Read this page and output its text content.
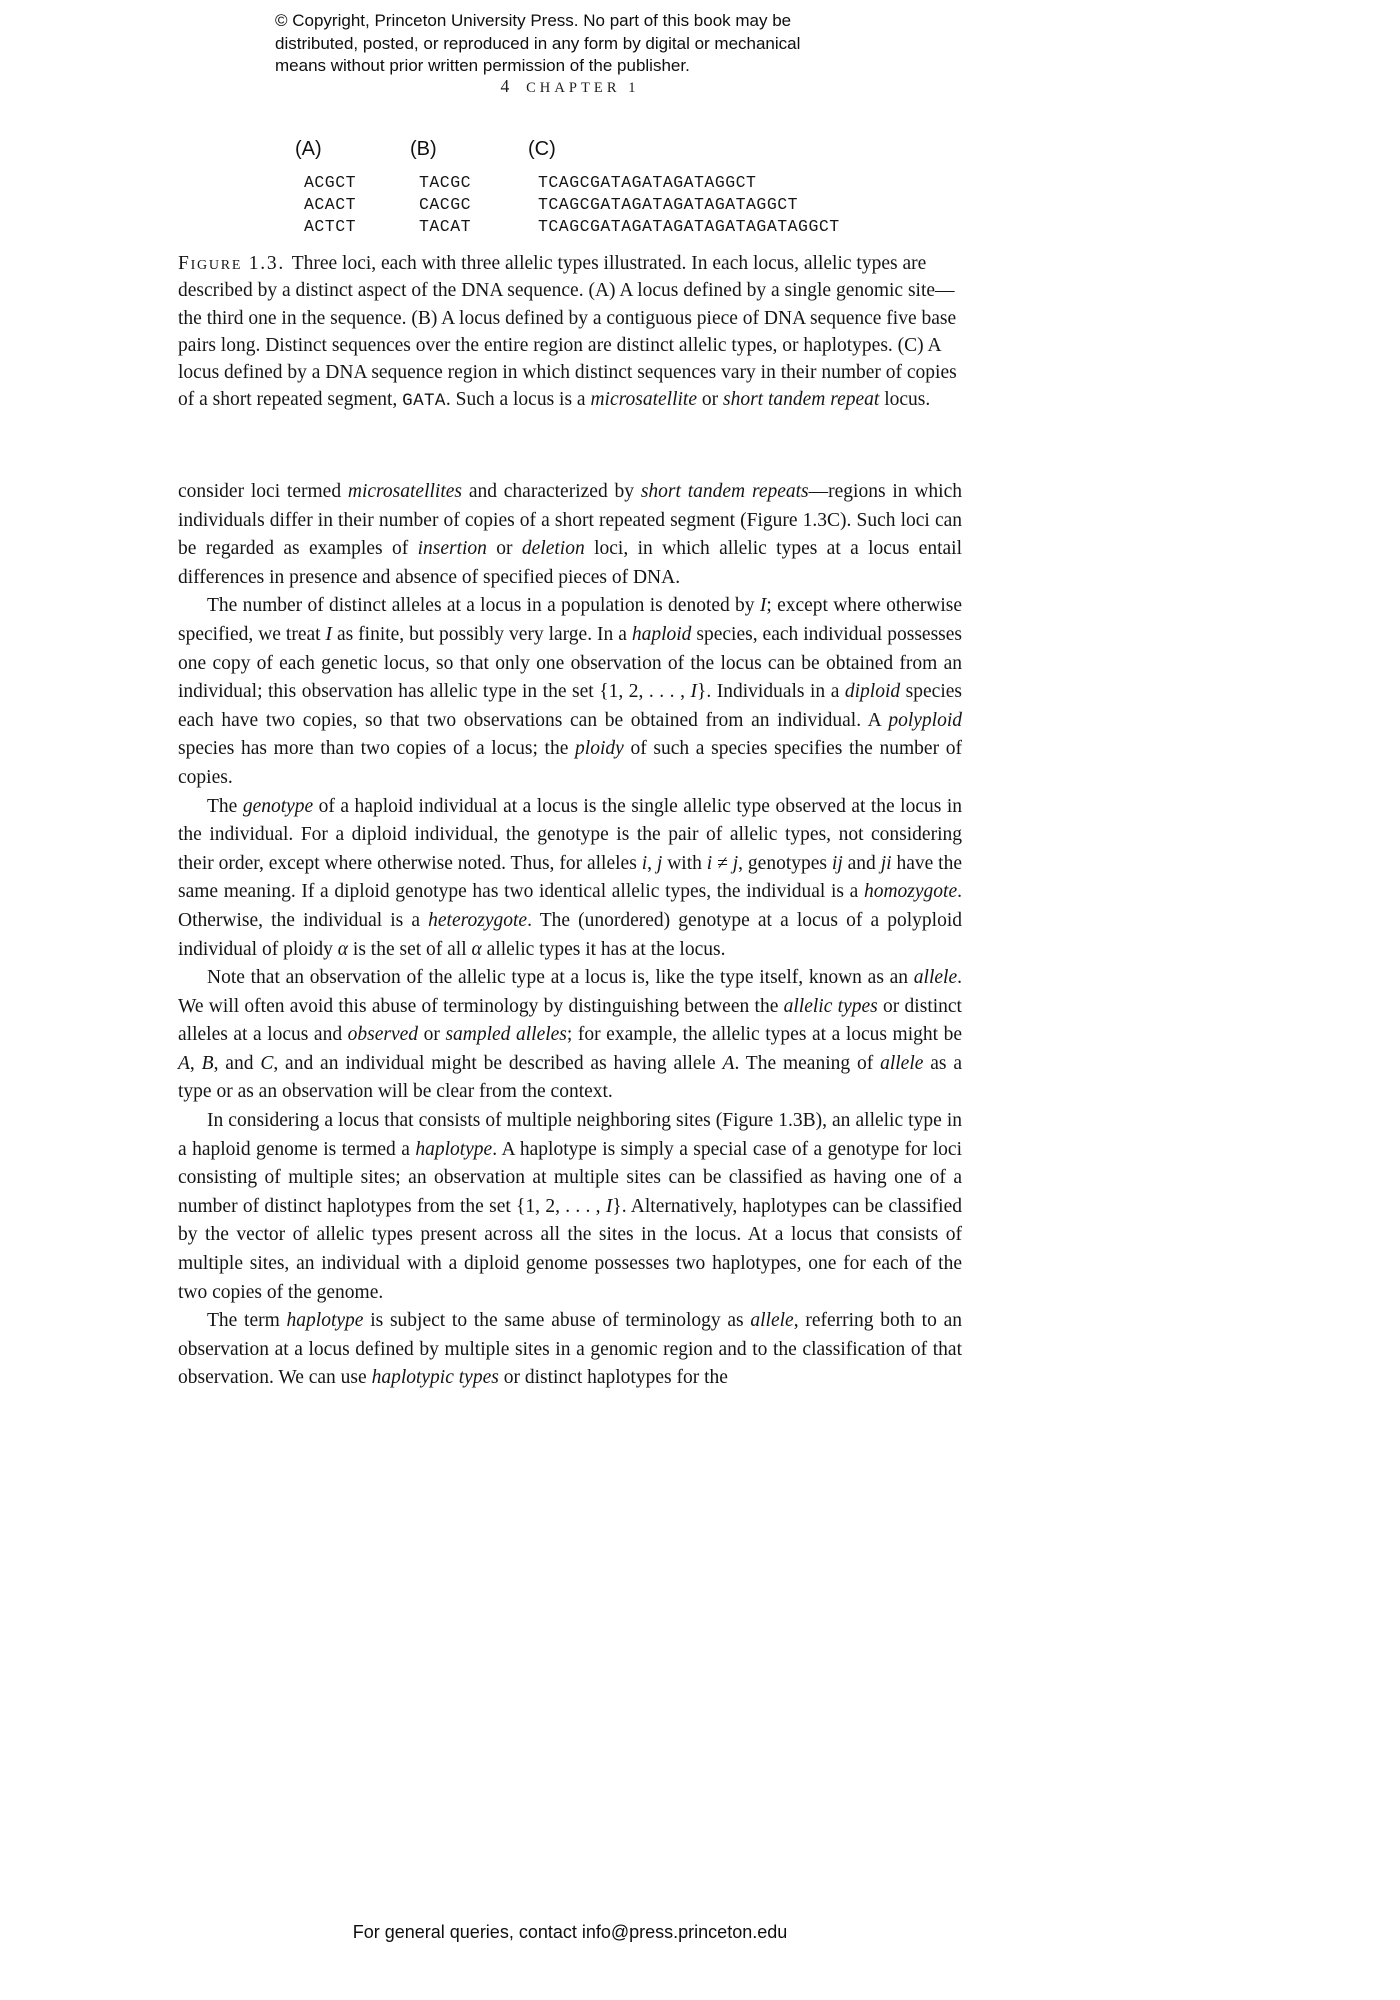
© Copyright, Princeton University Press. No part of this book may be
distributed, posted, or reproduced in any form by digital or mechanical
means without prior written permission of the publisher.
4 CHAPTER 1
(A)
ACGCT
ACACT
ACTCT
(B)
TACGC
CACGC
TACAT
(C)
TCAGCGATAGATAGATAGGCT
TCAGCGATAGATAGATAGATAGGCT
TCAGCGATAGATAGATAGATAGATAGGCT
Figure 1.3. Three loci, each with three allelic types illustrated. In each locus, allelic types are described by a distinct aspect of the DNA sequence. (A) A locus defined by a single genomic site—the third one in the sequence. (B) A locus defined by a contiguous piece of DNA sequence five base pairs long. Distinct sequences over the entire region are distinct allelic types, or haplotypes. (C) A locus defined by a DNA sequence region in which distinct sequences vary in their number of copies of a short repeated segment, GATA. Such a locus is a microsatellite or short tandem repeat locus.

consider loci termed microsatellites and characterized by short tandem repeats—regions in which individuals differ in their number of copies of a short repeated segment (Figure 1.3C). Such loci can be regarded as examples of insertion or deletion loci, in which allelic types at a locus entail differences in presence and absence of specified pieces of DNA.

The number of distinct alleles at a locus in a population is denoted by I; except where otherwise specified, we treat I as finite, but possibly very large. In a haploid species, each individual possesses one copy of each genetic locus, so that only one observation of the locus can be obtained from an individual; this observation has allelic type in the set {1, 2, . . . , I}. Individuals in a diploid species each have two copies, so that two observations can be obtained from an individual. A polyploid species has more than two copies of a locus; the ploidy of such a species specifies the number of copies.

The genotype of a haploid individual at a locus is the single allelic type observed at the locus in the individual. For a diploid individual, the genotype is the pair of allelic types, not considering their order, except where otherwise noted. Thus, for alleles i, j with i ≠ j, genotypes ij and ji have the same meaning. If a diploid genotype has two identical allelic types, the individual is a homozygote. Otherwise, the individual is a heterozygote. The (unordered) genotype at a locus of a polyploid individual of ploidy α is the set of all α allelic types it has at the locus.

Note that an observation of the allelic type at a locus is, like the type itself, known as an allele. We will often avoid this abuse of terminology by distinguishing between the allelic types or distinct alleles at a locus and observed or sampled alleles; for example, the allelic types at a locus might be A, B, and C, and an individual might be described as having allele A. The meaning of allele as a type or as an observation will be clear from the context.

In considering a locus that consists of multiple neighboring sites (Figure 1.3B), an allelic type in a haploid genome is termed a haplotype. A haplotype is simply a special case of a genotype for loci consisting of multiple sites; an observation at multiple sites can be classified as having one of a number of distinct haplotypes from the set {1, 2, . . . , I}. Alternatively, haplotypes can be classified by the vector of allelic types present across all the sites in the locus. At a locus that consists of multiple sites, an individual with a diploid genome possesses two haplotypes, one for each of the two copies of the genome.

The term haplotype is subject to the same abuse of terminology as allele, referring both to an observation at a locus defined by multiple sites in a genomic region and to the classification of that observation. We can use haplotypic types or distinct haplotypes for the

For general queries, contact info@press.princeton.edu
